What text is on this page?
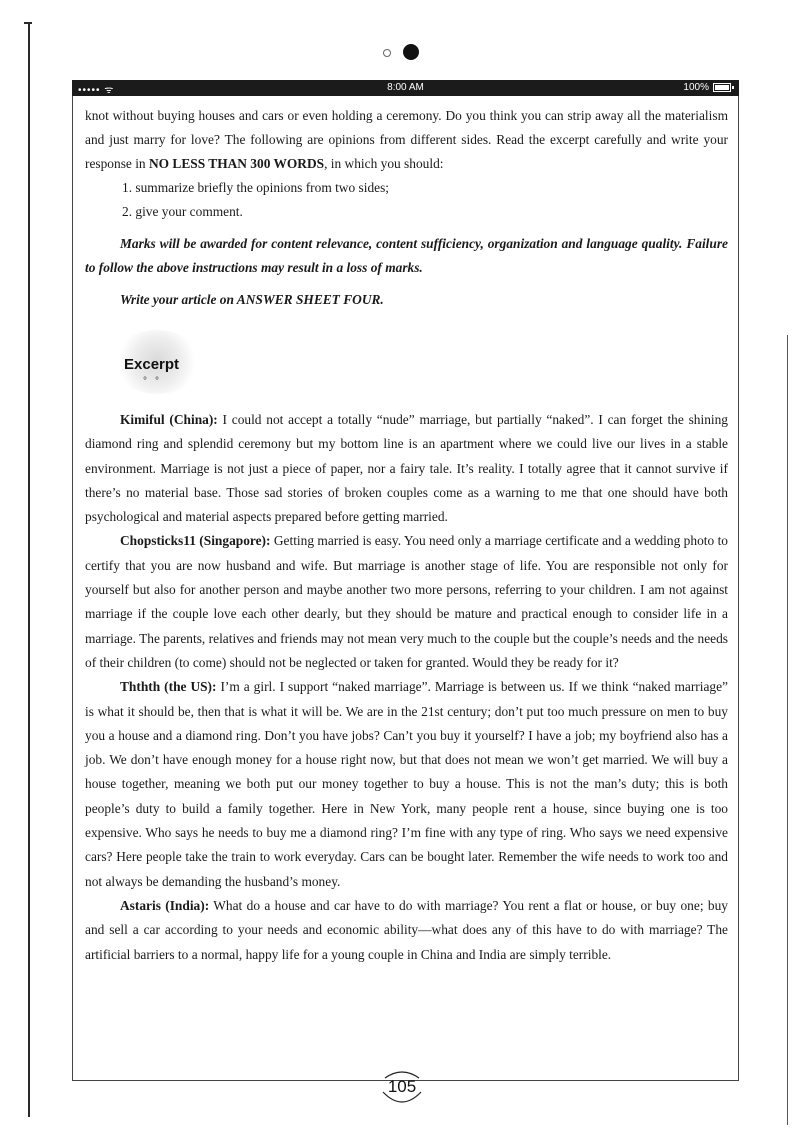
••••• ᯤ	8:00 AM	100%

knot without buying houses and cars or even holding a ceremony. Do you think you can strip away all the materialism and just marry for love? The following are opinions from different sides. Read the excerpt carefully and write your response in NO LESS THAN 300 WORDS, in which you should:

1. summarize briefly the opinions from two sides;

2. give your comment.

Marks will be awarded for content relevance, content sufficiency, organization and language quality. Failure to follow the above instructions may result in a loss of marks.

Write your article on ANSWER SHEET FOUR.

Excerpt
°°

Kimiful (China): I could not accept a totally “nude” marriage, but partially “naked”. I can forget the shining diamond ring and splendid ceremony but my bottom line is an apartment where we could live our lives in a stable environment. Marriage is not just a piece of paper, nor a fairy tale. It’s reality. I totally agree that it cannot survive if there’s no material base. Those sad stories of broken couples come as a warning to me that one should have both psychological and material aspects prepared before getting married.

Chopsticks11 (Singapore): Getting married is easy. You need only a marriage certificate and a wedding photo to certify that you are now husband and wife. But marriage is another stage of life. You are responsible not only for yourself but also for another person and maybe another two more persons, referring to your children. I am not against marriage if the couple love each other dearly, but they should be mature and practical enough to consider life in a marriage. The parents, relatives and friends may not mean very much to the couple but the couple’s needs and the needs of their children (to come) should not be neglected or taken for granted. Would they be ready for it?

Ththth (the US): I’m a girl. I support “naked marriage”. Marriage is between us. If we think “naked marriage” is what it should be, then that is what it will be. We are in the 21st century; don’t put too much pressure on men to buy you a house and a diamond ring. Don’t you have jobs? Can’t you buy it yourself? I have a job; my boyfriend also has a job. We don’t have enough money for a house right now, but that does not mean we won’t get married. We will buy a house together, meaning we both put our money together to buy a house. This is not the man’s duty; this is both people’s duty to build a family together. Here in New York, many people rent a house, since buying one is too expensive. Who says he needs to buy me a diamond ring? I’m fine with any type of ring. Who says we need expensive cars? Here people take the train to work everyday. Cars can be bought later. Remember the wife needs to work too and not always be demanding the husband’s money.

Astaris (India): What do a house and car have to do with marriage? You rent a flat or house, or buy one; buy and sell a car according to your needs and economic ability—what does any of this have to do with marriage? The artificial barriers to a normal, happy life for a young couple in China and India are simply terrible.

105
